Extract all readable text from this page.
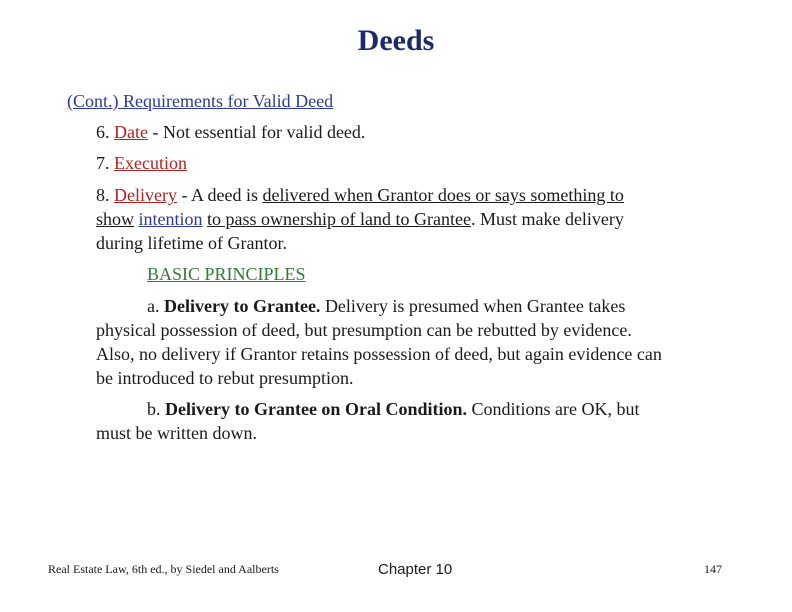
Deeds
(Cont.) Requirements for Valid Deed
6. Date - Not essential for valid deed.
7. Execution
8. Delivery - A deed is delivered when Grantor does or says something to
show intention to pass ownership of land to Grantee. Must make delivery
during lifetime of Grantor.
BASIC PRINCIPLES
a. Delivery to Grantee. Delivery is presumed when Grantee takes
physical possession of deed, but presumption can be rebutted by evidence.
Also, no delivery if Grantor retains possession of deed, but again evidence can
be introduced to rebut presumption.
b. Delivery to Grantee on Oral Condition. Conditions are OK, but
must be written down.
Real Estate Law, 6th ed., by Siedel and Aalberts	Chapter 10	147
